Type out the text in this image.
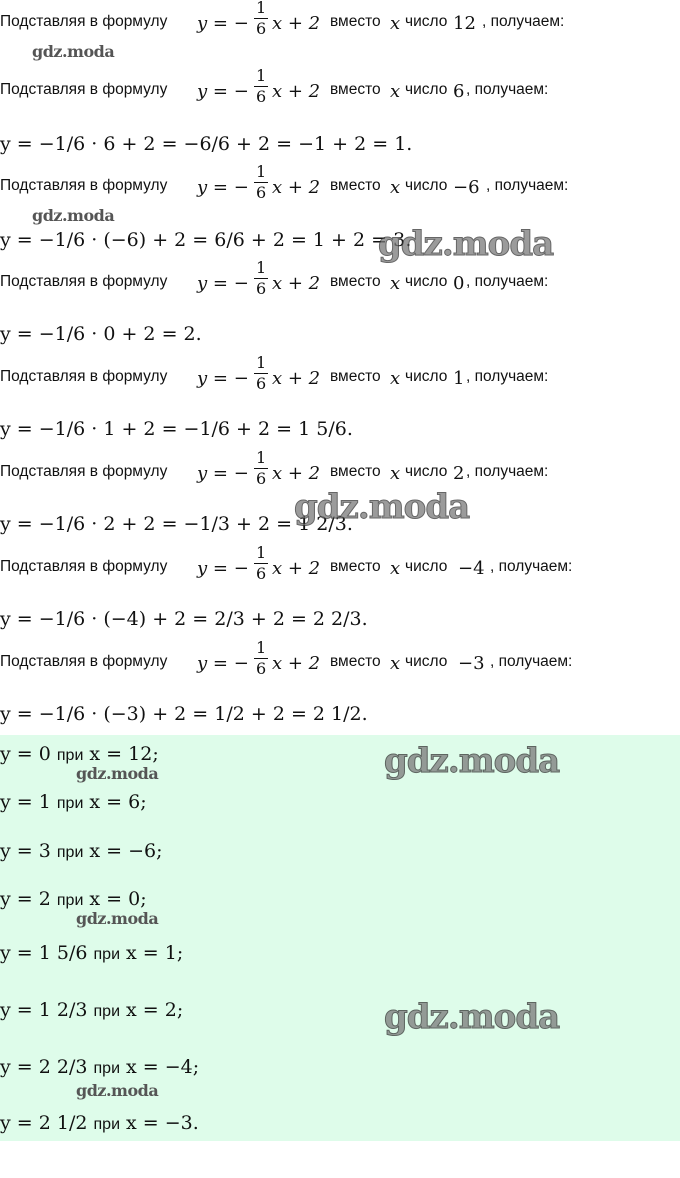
Подставляя в формулу y = − $\frac{1}{6}$ x + 2 вместо x число 12 , получаем:
gdz.moda
Подставляя в формулу y = − $\frac{1}{6}$ x + 2 вместо x число 6 , получаем:
y = −1/6 · 6 + 2 = −6/6 + 2 = −1 + 2 = 1.
Подставляя в формулу y = − $\frac{1}{6}$ x + 2 вместо x число −6 , получаем:
gdz.moda
y = −1/6 · (−6) + 2 = 6/6 + 2 = 1 + 2 = 3.
gdz.moda
Подставляя в формулу y = − $\frac{1}{6}$ x + 2 вместо x число 0 , получаем:
y = −1/6 · 0 + 2 = 2.
Подставляя в формулу y = − $\frac{1}{6}$ x + 2 вместо x число 1 , получаем:
y = −1/6 · 1 + 2 = −1/6 + 2 = 1 5/6.
Подставляя в формулу y = − $\frac{1}{6}$ x + 2 вместо x число 2 , получаем:
y = −1/6 · 2 + 2 = −1/3 + 2 = 1 2/3.
gdz.moda
Подставляя в формулу y = − $\frac{1}{6}$ x + 2 вместо x число −4 , получаем:
y = −1/6 · (−4) + 2 = 2/3 + 2 = 2 2/3.
Подставляя в формулу y = − $\frac{1}{6}$ x + 2 вместо x число −3 , получаем:
y = −1/6 · (−3) + 2 = 1/2 + 2 = 2 1/2.
y = 0 при x = 12;
gdz.moda	gdz.moda
y = 1 при x = 6;
y = 3 при x = −6;
y = 2 при x = 0;
gdz.moda
y = 1 5/6 при x = 1;
y = 1 2/3 при x = 2;	gdz.moda
y = 2 2/3 при x = −4;
gdz.moda
y = 2 1/2 при x = −3.
